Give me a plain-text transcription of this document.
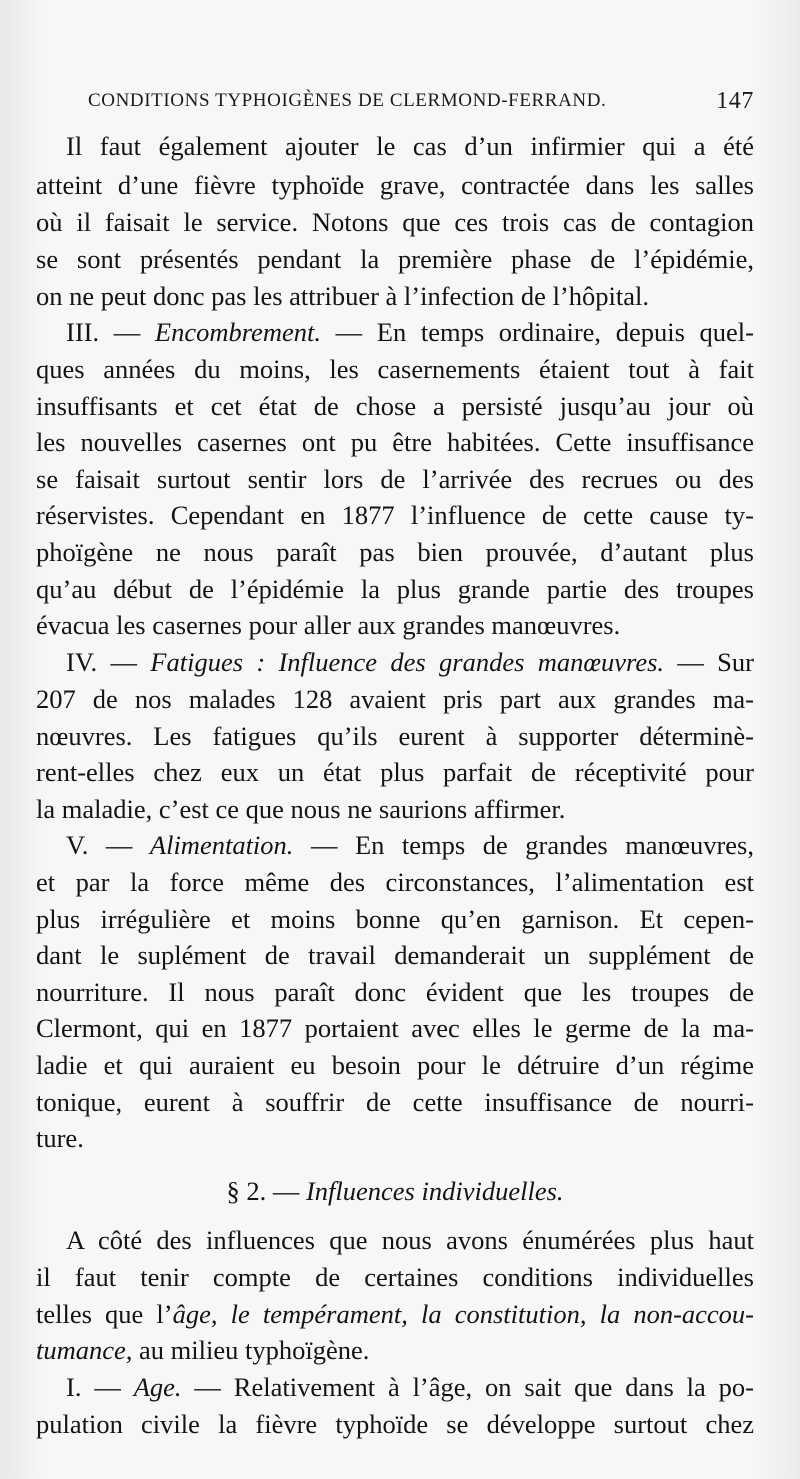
CONDITIONS TYPHOIGÈNES DE CLERMOND-FERRAND.	147
Il faut également ajouter le cas d’un infirmier qui a été
atteint d’une fièvre typhoïde grave, contractée dans les salles
où il faisait le service. Notons que ces trois cas de contagion
se sont présentés pendant la première phase de l’épidémie,
on ne peut donc pas les attribuer à l’infection de l’hôpital.
III. — Encombrement. — En temps ordinaire, depuis quel-
ques années du moins, les casernements étaient tout à fait
insuffisants et cet état de chose a persisté jusqu’au jour où
les nouvelles casernes ont pu être habitées. Cette insuffisance
se faisait surtout sentir lors de l’arrivée des recrues ou des
réservistes. Cependant en 1877 l’influence de cette cause ty-
phoïgène ne nous paraît pas bien prouvée, d’autant plus
qu’au début de l’épidémie la plus grande partie des troupes
évacua les casernes pour aller aux grandes manœuvres.
IV. — Fatigues : Influence des grandes manœuvres. — Sur
207 de nos malades 128 avaient pris part aux grandes ma-
nœuvres. Les fatigues qu’ils eurent à supporter déterminè-
rent-elles chez eux un état plus parfait de réceptivité pour
la maladie, c’est ce que nous ne saurions affirmer.
V. — Alimentation. — En temps de grandes manœuvres,
et par la force même des circonstances, l’alimentation est
plus irrégulière et moins bonne qu’en garnison. Et cepen-
dant le suplément de travail demanderait un supplément de
nourriture. Il nous paraît donc évident que les troupes de
Clermont, qui en 1877 portaient avec elles le germe de la ma-
ladie et qui auraient eu besoin pour le détruire d’un régime
tonique, eurent à souffrir de cette insuffisance de nourri-
ture.
§ 2. — Influences individuelles.
A côté des influences que nous avons énumérées plus haut
il faut tenir compte de certaines conditions individuelles
telles que l’âge, le tempérament, la constitution, la non-accou-
tumance, au milieu typhoïgène.
I. — Age. — Relativement à l’âge, on sait que dans la po-
pulation civile la fièvre typhoïde se développe surtout chez
